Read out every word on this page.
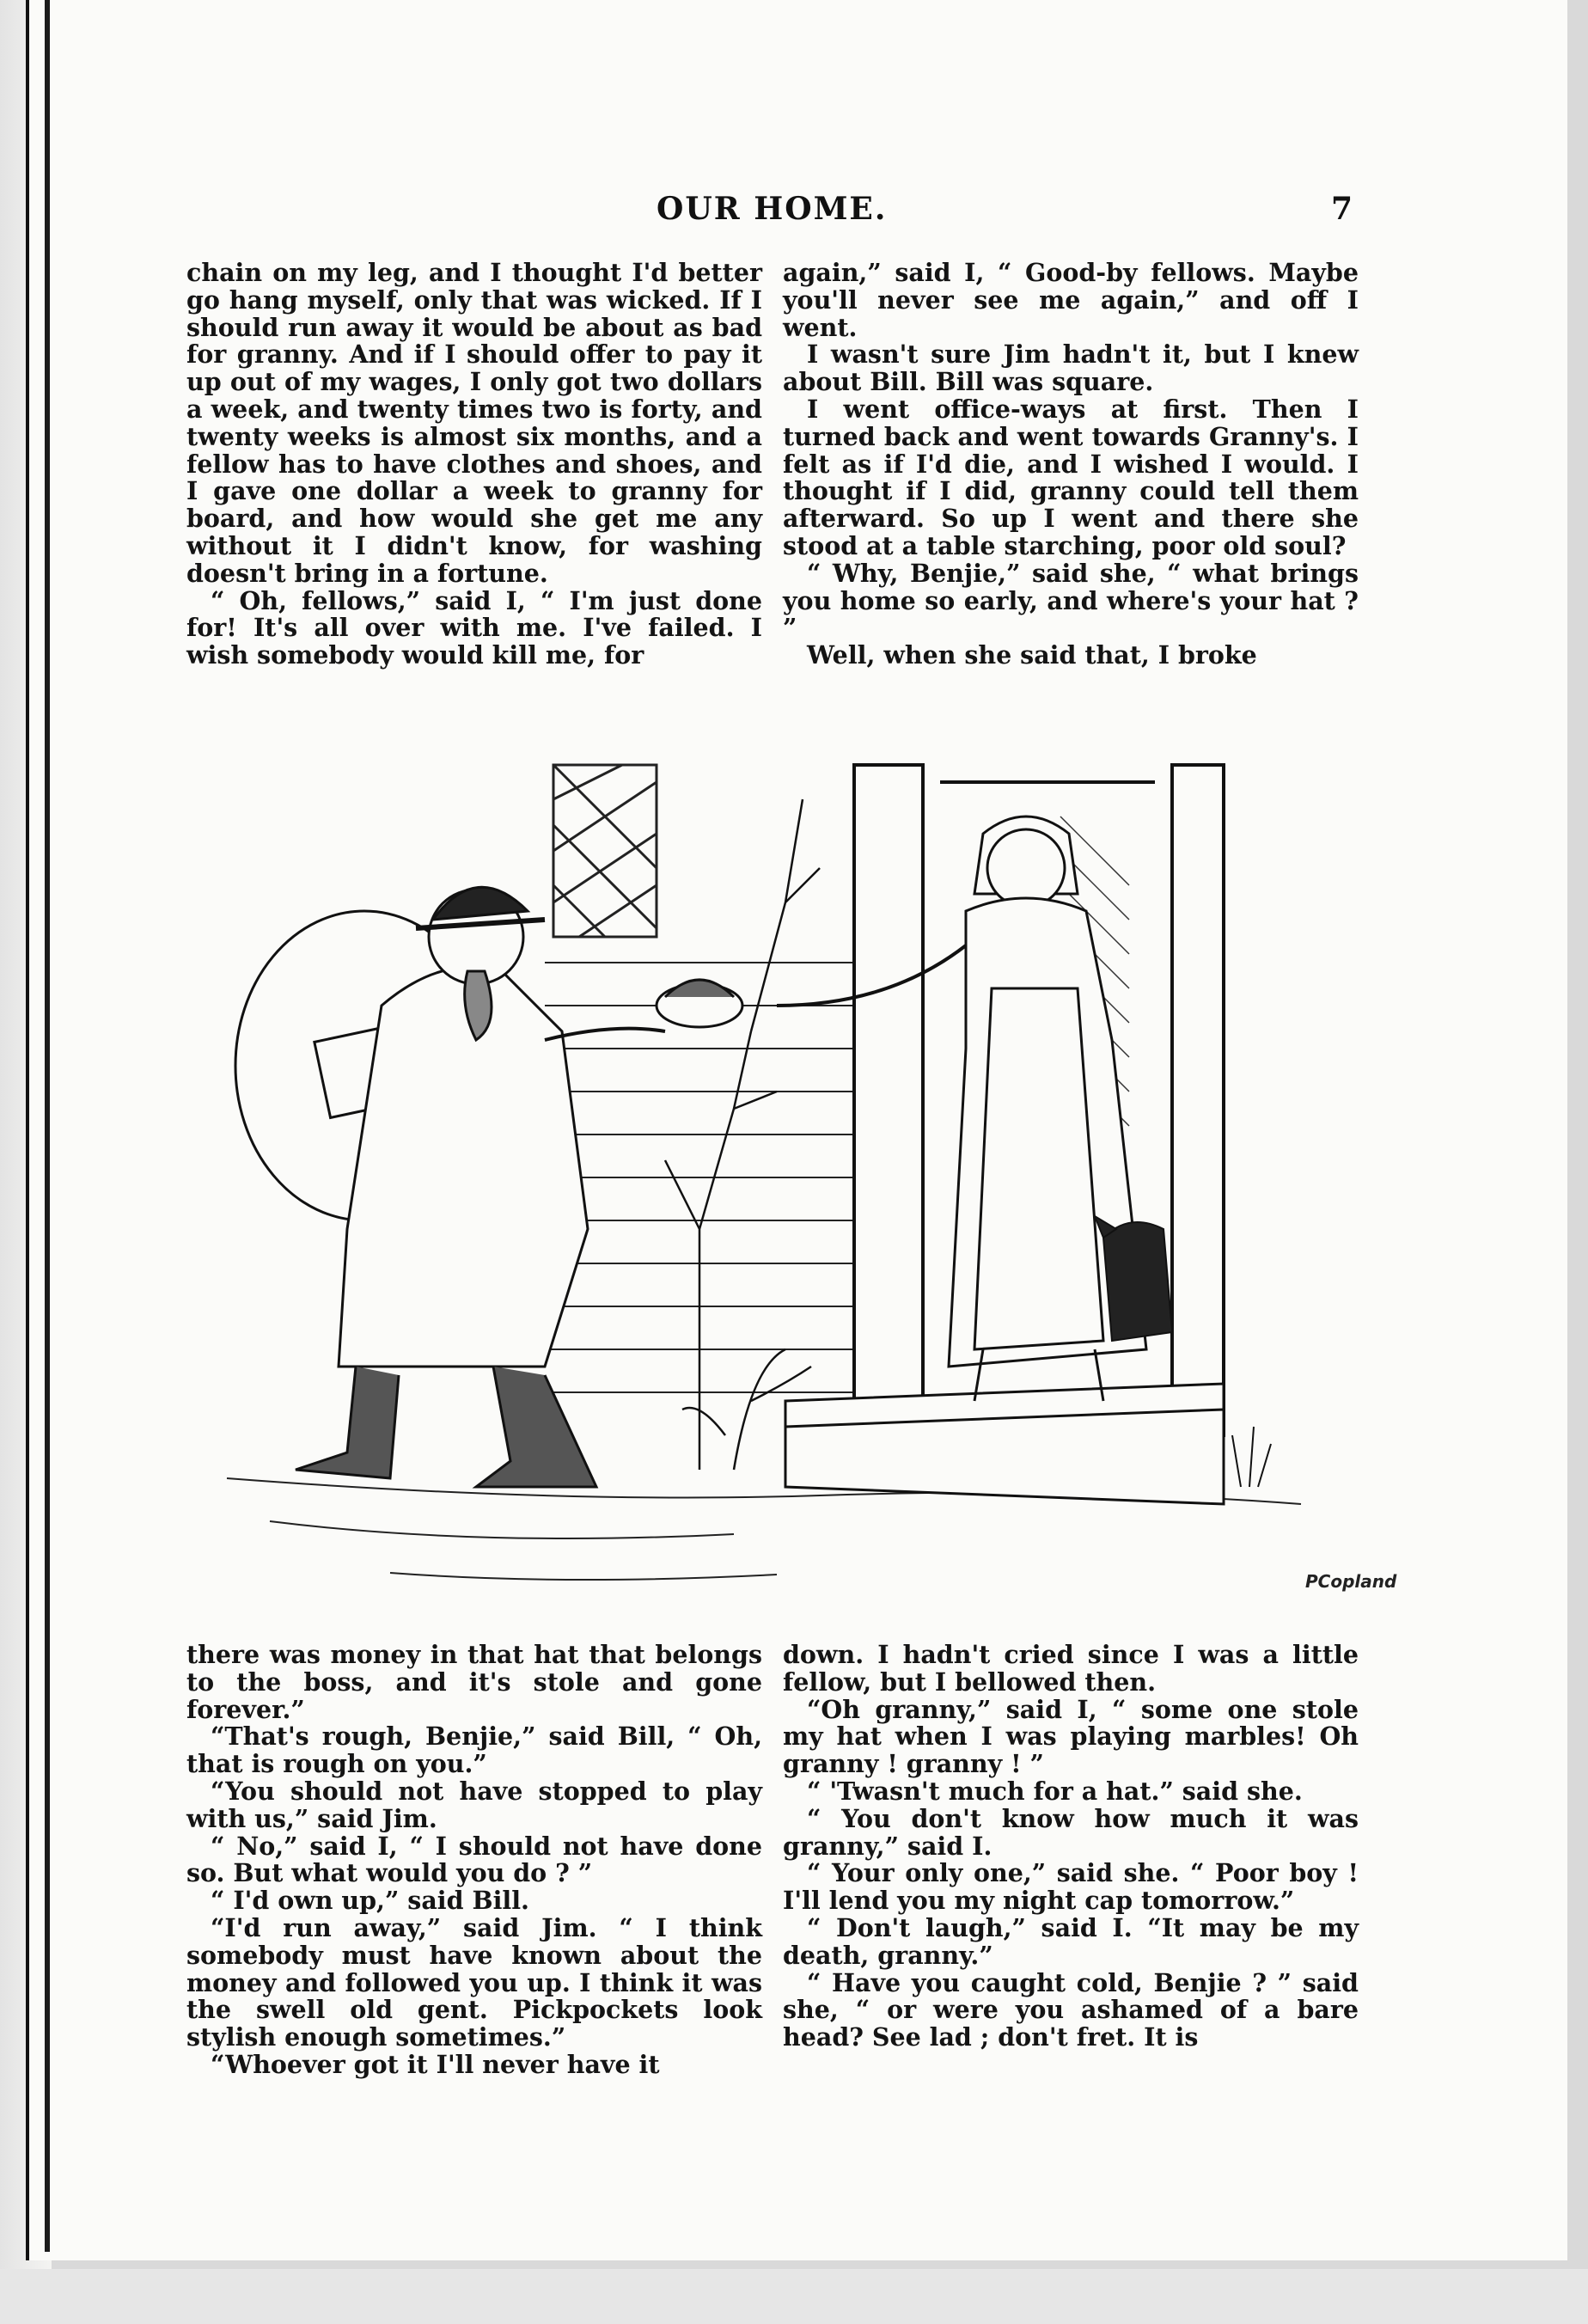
OUR HOME.	7

chain on my leg, and I thought I'd better go hang myself, only that was wicked. If I should run away it would be about as bad for granny. And if I should offer to pay it up out of my wages, I only got two dollars a week, and twenty times two is forty, and twenty weeks is almost six months, and a fellow has to have clothes and shoes, and I gave one dollar a week to granny for board, and how would she get me any without it I didn't know, for washing doesn't bring in a fortune.

“ Oh, fellows,” said I, “ I'm just done for! It's all over with me. I've failed. I wish somebody would kill me, for

again,” said I, “ Good-by fellows. Maybe you'll never see me again,” and off I went.

I wasn't sure Jim hadn't it, but I knew about Bill. Bill was square.

I went office-ways at first. Then I turned back and went towards Granny's. I felt as if I'd die, and I wished I would. I thought if I did, granny could tell them afterward. So up I went and there she stood at a table starching, poor old soul?

“ Why, Benjie,” said she, “ what brings you home so early, and where's your hat ? ”

Well, when she said that, I broke

PCopland

there was money in that hat that belongs to the boss, and it's stole and gone forever.”

“That's rough, Benjie,” said Bill, “ Oh, that is rough on you.”

“You should not have stopped to play with us,” said Jim.

“ No,” said I, “ I should not have done so. But what would you do ? ”

“ I'd own up,” said Bill.

“I'd run away,” said Jim. “ I think somebody must have known about the money and followed you up. I think it was the swell old gent. Pickpockets look stylish enough sometimes.”

“Whoever got it I'll never have it

down. I hadn't cried since I was a little fellow, but I bellowed then.

“Oh granny,” said I, “ some one stole my hat when I was playing marbles! Oh granny ! granny ! ”

“ 'Twasn't much for a hat.” said she.

“ You don't know how much it was granny,” said I.

“ Your only one,” said she. “ Poor boy ! I'll lend you my night cap tomorrow.”

“ Don't laugh,” said I. “It may be my death, granny.”

“ Have you caught cold, Benjie ? ” said she, “ or were you ashamed of a bare head? See lad ; don't fret. It is
